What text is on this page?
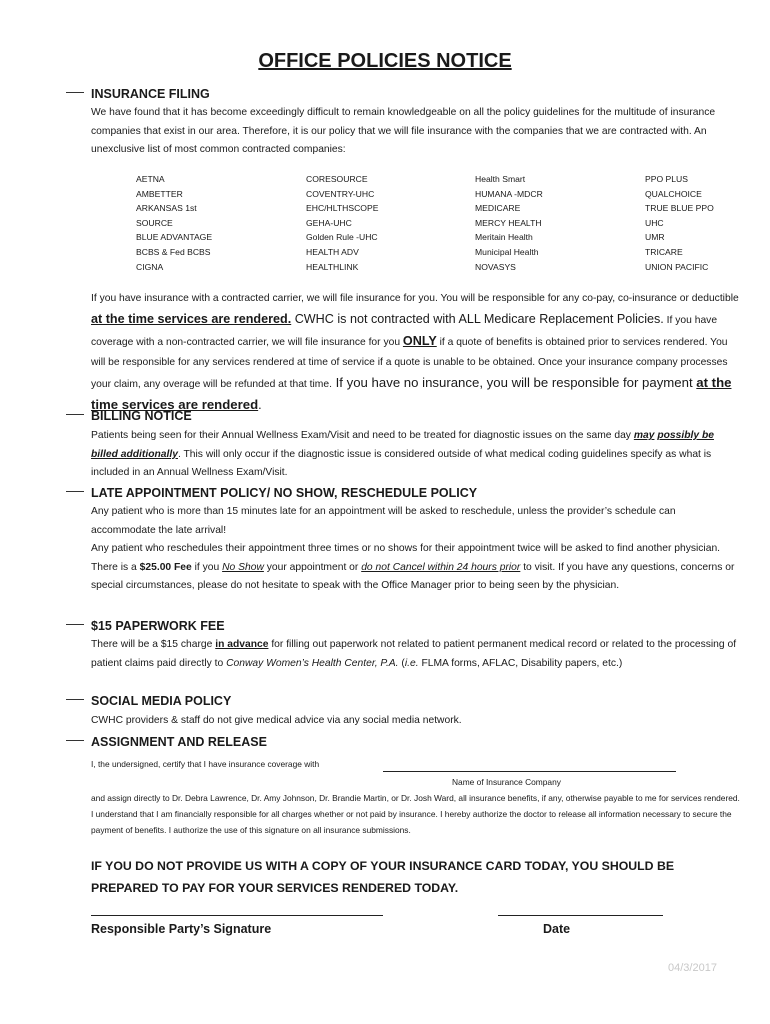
OFFICE POLICIES NOTICE
INSURANCE FILING

We have found that it has become exceedingly difficult to remain knowledgeable on all the policy guidelines for the multitude of insurance companies that exist in our area. Therefore, it is our policy that we will file insurance with the companies that we are contracted with. An unexclusive list of most common contracted companies:

AETNA
AMBETTER
ARKANSAS 1st
SOURCE
BLUE ADVANTAGE
BCBS & Fed BCBS
CIGNA
CORESOURCE
COVENTRY-UHC
EHC/HLTHSCOPE
GEHA-UHC
Golden Rule -UHC
HEALTH ADV
HEALTHLINK
Health Smart
HUMANA -MDCR
MEDICARE
MERCY HEALTH
Meritain Health
Municipal Health
NOVASYS
PPO PLUS
QUALCHOICE
TRUE BLUE PPO
UHC
UMR
TRICARE
UNION PACIFIC

If you have insurance with a contracted carrier, we will file insurance for you. You will be responsible for any co-pay, co-insurance or deductible at the time services are rendered. CWHC is not contracted with ALL Medicare Replacement Policies. If you have coverage with a non-contracted carrier, we will file insurance for you ONLY if a quote of benefits is obtained prior to services rendered. You will be responsible for any services rendered at time of service if a quote is unable to be obtained. Once your insurance company processes your claim, any overage will be refunded at that time. If you have no insurance, you will be responsible for payment at the time services are rendered.

BILLING NOTICE

Patients being seen for their Annual Wellness Exam/Visit and need to be treated for diagnostic issues on the same day may possibly be billed additionally. This will only occur if the diagnostic issue is considered outside of what medical coding guidelines specify as what is included in an Annual Wellness Exam/Visit.

LATE APPOINTMENT POLICY/ NO SHOW, RESCHEDULE POLICY

Any patient who is more than 15 minutes late for an appointment will be asked to reschedule, unless the provider’s schedule can accommodate the late arrival!
Any patient who reschedules their appointment three times or no shows for their appointment twice will be asked to find another physician. There is a $25.00 Fee if you No Show your appointment or do not Cancel within 24 hours prior to visit. If you have any questions, concerns or special circumstances, please do not hesitate to speak with the Office Manager prior to being seen by the physician.

$15 PAPERWORK FEE

There will be a $15 charge in advance for filling out paperwork not related to patient permanent medical record or related to the processing of patient claims paid directly to Conway Women’s Health Center, P.A. (i.e. FLMA forms, AFLAC, Disability papers, etc.)

SOCIAL MEDIA POLICY

CWHC providers & staff do not give medical advice via any social media network.

ASSIGNMENT AND RELEASE
I, the undersigned, certify that I have insurance coverage with
Name of Insurance Company
and assign directly to Dr. Debra Lawrence, Dr. Amy Johnson, Dr. Brandie Martin, or Dr. Josh Ward, all insurance benefits, if any, otherwise payable to me for services rendered. I understand that I am financially responsible for all charges whether or not paid by insurance. I hereby authorize the doctor to release all information necessary to secure the payment of benefits. I authorize the use of this signature on all insurance submissions.
IF YOU DO NOT PROVIDE US WITH A COPY OF YOUR INSURANCE CARD TODAY, YOU SHOULD BE PREPARED TO PAY FOR YOUR SERVICES RENDERED TODAY.
Responsible Party’s Signature	Date
04/3/2017
